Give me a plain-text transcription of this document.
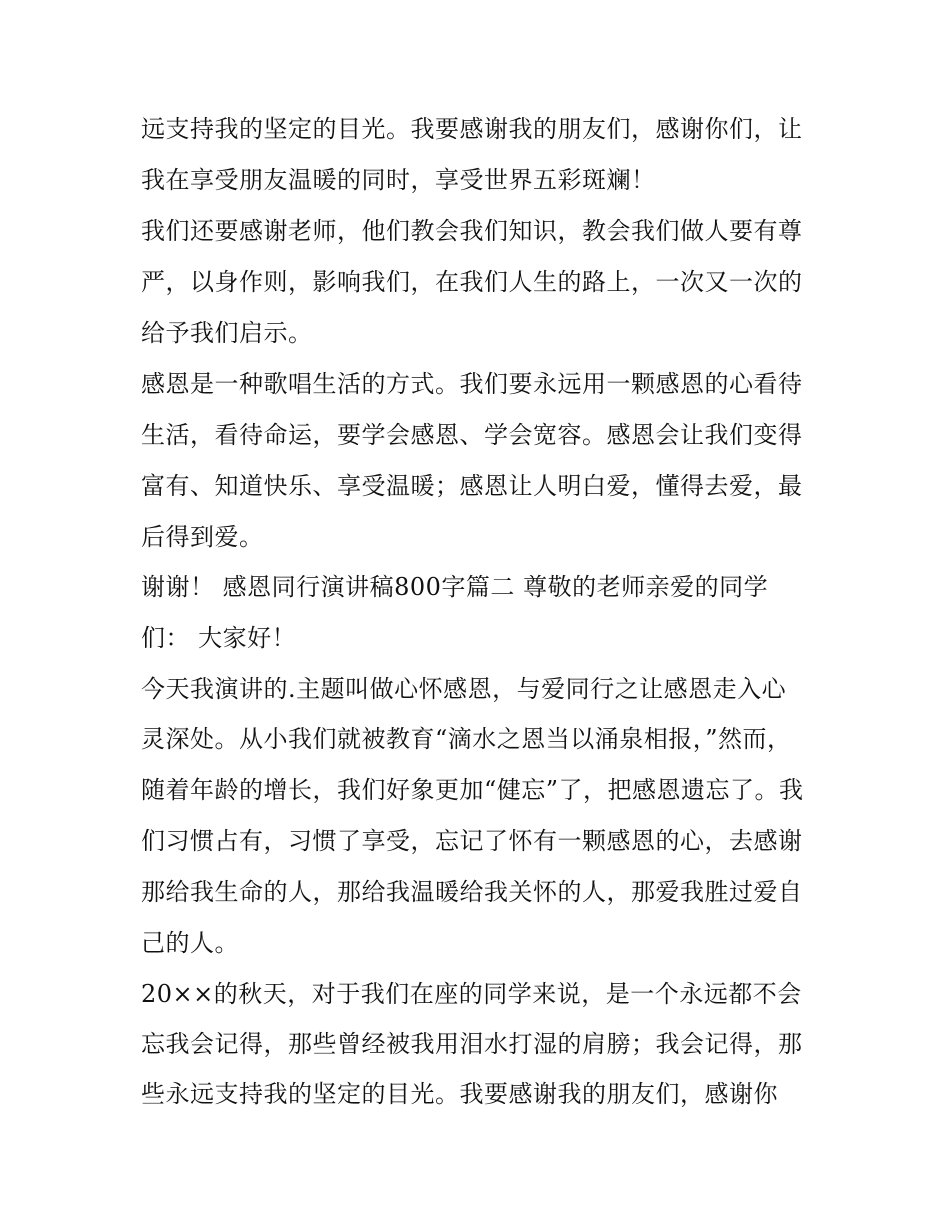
远支持我的坚定的目光。我要感谢我的朋友们，感谢你们，让
我在享受朋友温暖的同时，享受世界五彩斑斓！
我们还要感谢老师，他们教会我们知识，教会我们做人要有尊
严，以身作则，影响我们，在我们人生的路上，一次又一次的
给予我们启示。
感恩是一种歌唱生活的方式。我们要永远用一颗感恩的心看待
生活，看待命运，要学会感恩、学会宽容。感恩会让我们变得
富有、知道快乐、享受温暖；感恩让人明白爱，懂得去爱，最
后得到爱。
谢谢！ 感恩同行演讲稿800字篇二 尊敬的老师亲爱的同学
们： 大家好！
今天我演讲的.主题叫做心怀感恩，与爱同行之让感恩走入心
灵深处。从小我们就被教育“滴水之恩当以涌泉相报，”然而，
随着年龄的增长，我们好象更加“健忘”了，把感恩遗忘了。我
们习惯占有，习惯了享受，忘记了怀有一颗感恩的心，去感谢
那给我生命的人，那给我温暖给我关怀的人，那爱我胜过爱自
己的人。
20××的秋天，对于我们在座的同学来说，是一个永远都不会
忘我会记得，那些曾经被我用泪水打湿的肩膀；我会记得，那
些永远支持我的坚定的目光。我要感谢我的朋友们，感谢你
